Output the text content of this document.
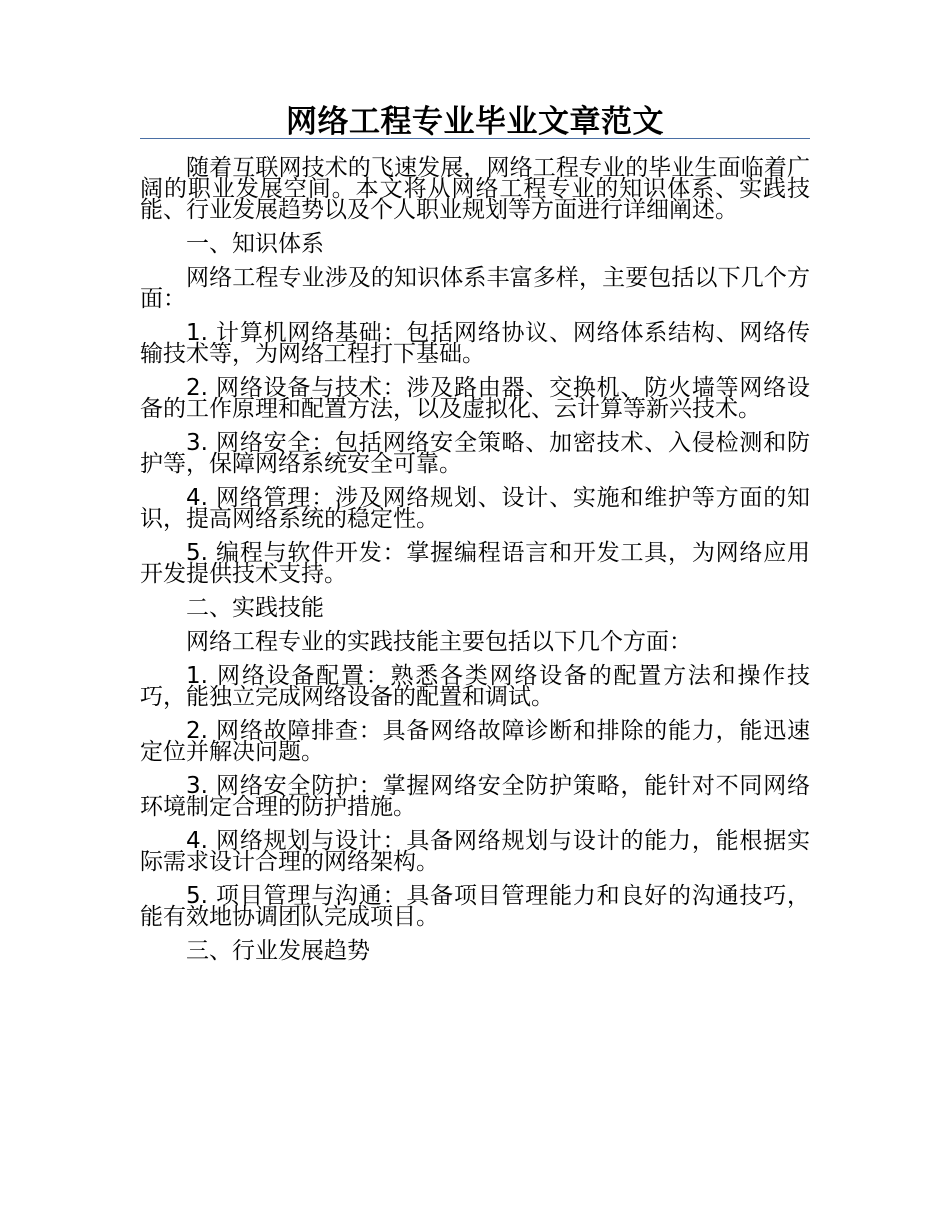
网络工程专业毕业文章范文

随着互联网技术的飞速发展，网络工程专业的毕业生面临着广阔的职业发展空间。本文将从网络工程专业的知识体系、实践技能、行业发展趋势以及个人职业规划等方面进行详细阐述。

一、知识体系

网络工程专业涉及的知识体系丰富多样，主要包括以下几个方面：

1. 计算机网络基础：包括网络协议、网络体系结构、网络传输技术等，为网络工程打下基础。

2. 网络设备与技术：涉及路由器、交换机、防火墙等网络设备的工作原理和配置方法，以及虚拟化、云计算等新兴技术。

3. 网络安全：包括网络安全策略、加密技术、入侵检测和防护等，保障网络系统安全可靠。

4. 网络管理：涉及网络规划、设计、实施和维护等方面的知识，提高网络系统的稳定性。

5. 编程与软件开发：掌握编程语言和开发工具，为网络应用开发提供技术支持。

二、实践技能

网络工程专业的实践技能主要包括以下几个方面：

1. 网络设备配置：熟悉各类网络设备的配置方法和操作技巧，能独立完成网络设备的配置和调试。

2. 网络故障排查：具备网络故障诊断和排除的能力，能迅速定位并解决问题。

3. 网络安全防护：掌握网络安全防护策略，能针对不同网络环境制定合理的防护措施。

4. 网络规划与设计：具备网络规划与设计的能力，能根据实际需求设计合理的网络架构。

5. 项目管理与沟通：具备项目管理能力和良好的沟通技巧，能有效地协调团队完成项目。

三、行业发展趋势
